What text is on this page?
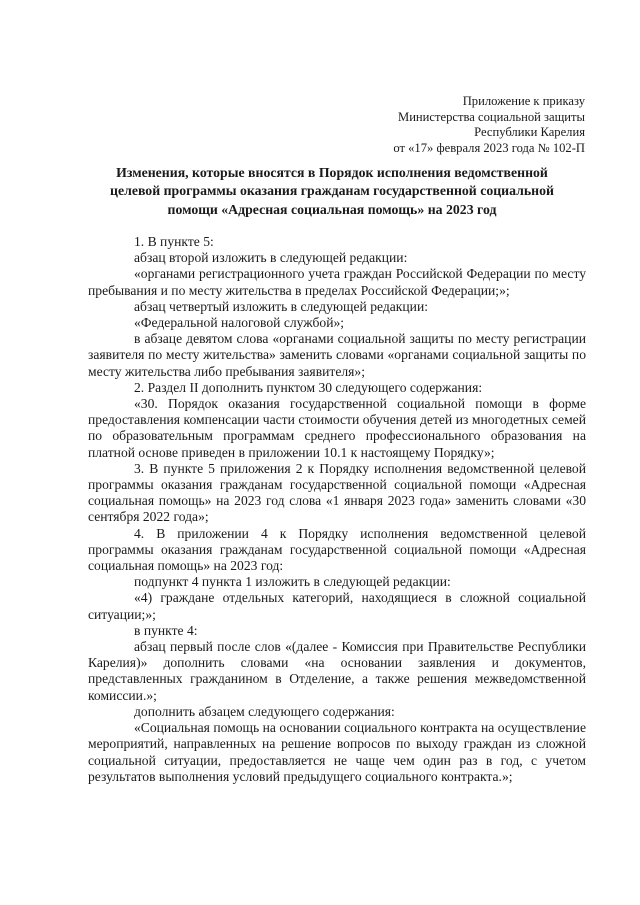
Приложение к приказу
Министерства социальной защиты
Республики Карелия
от «17» февраля 2023 года № 102-П
Изменения, которые вносятся в Порядок исполнения ведомственной целевой программы оказания гражданам государственной социальной помощи «Адресная социальная помощь» на 2023 год

1. В пункте 5:

абзац второй изложить в следующей редакции:

«органами регистрационного учета граждан Российской Федерации по месту пребывания и по месту жительства в пределах Российской Федерации;»;

абзац четвертый изложить в следующей редакции:

«Федеральной налоговой службой»;

в абзаце девятом слова «органами социальной защиты по месту регистрации заявителя по месту жительства» заменить словами «органами социальной защиты по месту жительства либо пребывания заявителя»;

2. Раздел II дополнить пунктом 30 следующего содержания:

«30. Порядок оказания государственной социальной помощи в форме предоставления компенсации части стоимости обучения детей из многодетных семей по образовательным программам среднего профессионального образования на платной основе приведен в приложении 10.1 к настоящему Порядку»;

3. В пункте 5 приложения 2 к Порядку исполнения ведомственной целевой программы оказания гражданам государственной социальной помощи «Адресная социальная помощь» на 2023 год слова «1 января 2023 года» заменить словами «30 сентября 2022 года»;

4. В приложении 4 к Порядку исполнения ведомственной целевой программы оказания гражданам государственной социальной помощи «Адресная социальная помощь» на 2023 год:

подпункт 4 пункта 1 изложить в следующей редакции:

«4) граждане отдельных категорий, находящиеся в сложной социальной ситуации;»;

в пункте 4:

абзац первый после слов «(далее - Комиссия при Правительстве Республики Карелия)» дополнить словами «на основании заявления и документов, представленных гражданином в Отделение, а также решения межведомственной комиссии.»;

дополнить абзацем следующего содержания:

«Социальная помощь на основании социального контракта на осуществление мероприятий, направленных на решение вопросов по выходу граждан из сложной социальной ситуации, предоставляется не чаще чем один раз в год, с учетом результатов выполнения условий предыдущего социального контракта.»;
